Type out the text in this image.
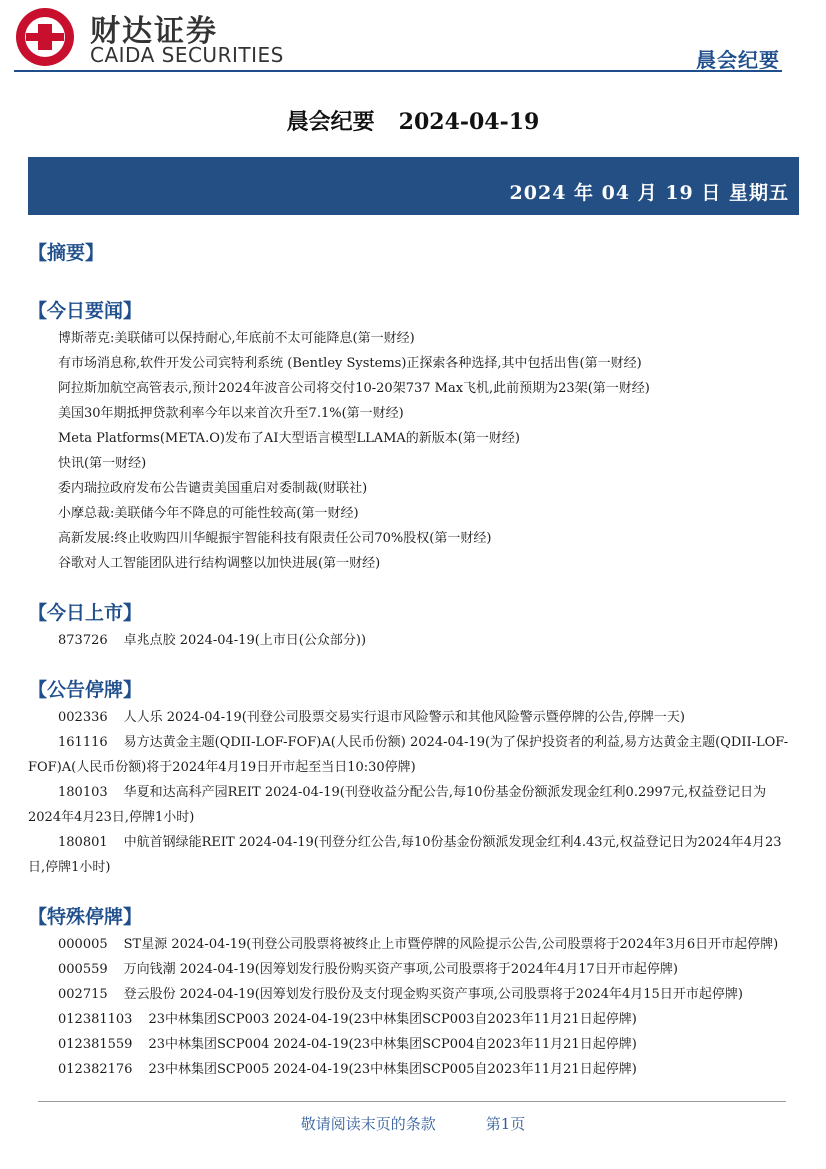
财达证券
CAIDA SECURITIES	晨会纪要
晨会纪要 2024-04-19
2024 年 04 月 19 日 星期五
【摘要】
【今日要闻】

博斯蒂克:美联储可以保持耐心,年底前不太可能降息(第一财经)

有市场消息称,软件开发公司宾特利系统 (Bentley Systems)正探索各种选择,其中包括出售(第一财经)

阿拉斯加航空高管表示,预计2024年波音公司将交付10-20架737 Max飞机,此前预期为23架(第一财经)

美国30年期抵押贷款利率今年以来首次升至7.1%(第一财经)

Meta Platforms(META.O)发布了AI大型语言模型LLAMA的新版本(第一财经)

快讯(第一财经)

委内瑞拉政府发布公告谴责美国重启对委制裁(财联社)

小摩总裁:美联储今年不降息的可能性较高(第一财经)

高新发展:终止收购四川华鲲振宇智能科技有限责任公司70%股权(第一财经)

谷歌对人工智能团队进行结构调整以加快进展(第一财经)

【今日上市】

873726 卓兆点胶 2024-04-19(上市日(公众部分))

【公告停牌】

002336 人人乐 2024-04-19(刊登公司股票交易实行退市风险警示和其他风险警示暨停牌的公告,停牌一天)

161116 易方达黄金主题(QDII-LOF-FOF)A(人民币份额) 2024-04-19(为了保护投资者的利益,易方达黄金主题(QDII-LOF-FOF)A(人民币份额)将于2024年4月19日开市起至当日10:30停牌)

180103 华夏和达高科产园REIT 2024-04-19(刊登收益分配公告,每10份基金份额派发现金红利0.2997元,权益登记日为2024年4月23日,停牌1小时)

180801 中航首钢绿能REIT 2024-04-19(刊登分红公告,每10份基金份额派发现金红利4.43元,权益登记日为2024年4月23日,停牌1小时)

【特殊停牌】

000005 ST星源 2024-04-19(刊登公司股票将被终止上市暨停牌的风险提示公告,公司股票将于2024年3月6日开市起停牌)

000559 万向钱潮 2024-04-19(因筹划发行股份购买资产事项,公司股票将于2024年4月17日开市起停牌)

002715 登云股份 2024-04-19(因筹划发行股份及支付现金购买资产事项,公司股票将于2024年4月15日开市起停牌)

012381103 23中林集团SCP003 2024-04-19(23中林集团SCP003自2023年11月21日起停牌)

012381559 23中林集团SCP004 2024-04-19(23中林集团SCP004自2023年11月21日起停牌)

012382176 23中林集团SCP005 2024-04-19(23中林集团SCP005自2023年11月21日起停牌)

敬请阅读末页的条款	第1页
